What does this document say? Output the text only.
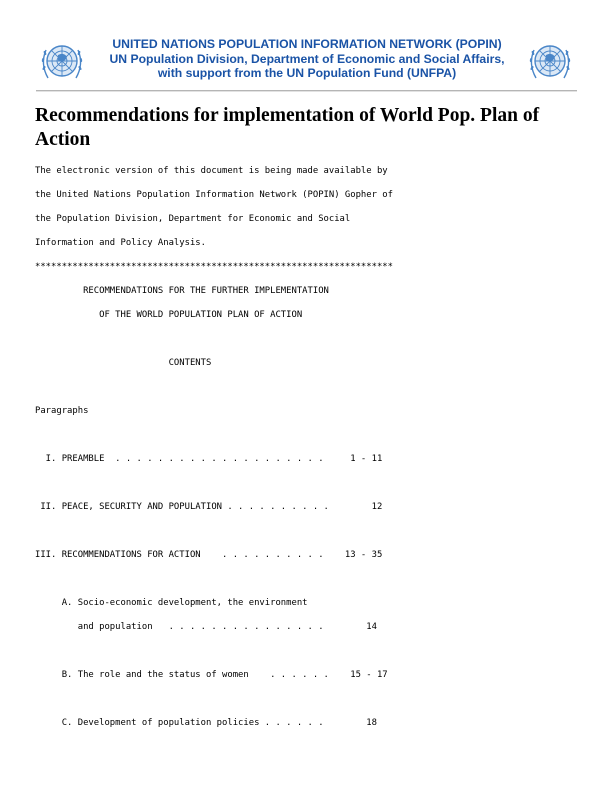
UNITED NATIONS POPULATION INFORMATION NETWORK (POPIN)
UN Population Division, Department of Economic and Social Affairs,
with support from the UN Population Fund (UNFPA)
Recommendations for implementation of World Pop. Plan of Action
The electronic version of this document is being made available by
the United Nations Population Information Network (POPIN) Gopher of
the Population Division, Department for Economic and Social
Information and Policy Analysis.
*******************************************************************
RECOMMENDATIONS FOR THE FURTHER IMPLEMENTATION
OF THE WORLD POPULATION PLAN OF ACTION
CONTENTS
Paragraphs
I. PREAMBLE  . . . . . . . . . . . . . . . . . . . .     1 - 11
II. PEACE, SECURITY AND POPULATION . . . . . . . . . .        12
III. RECOMMENDATIONS FOR ACTION    . . . . . . . . . .    13 - 35
A. Socio-economic development, the environment
and population   . . . . . . . . . . . . . . .        14
B. The role and the status of women    . . . . . .    15 - 17
C. Development of population policies . . . . . .        18
